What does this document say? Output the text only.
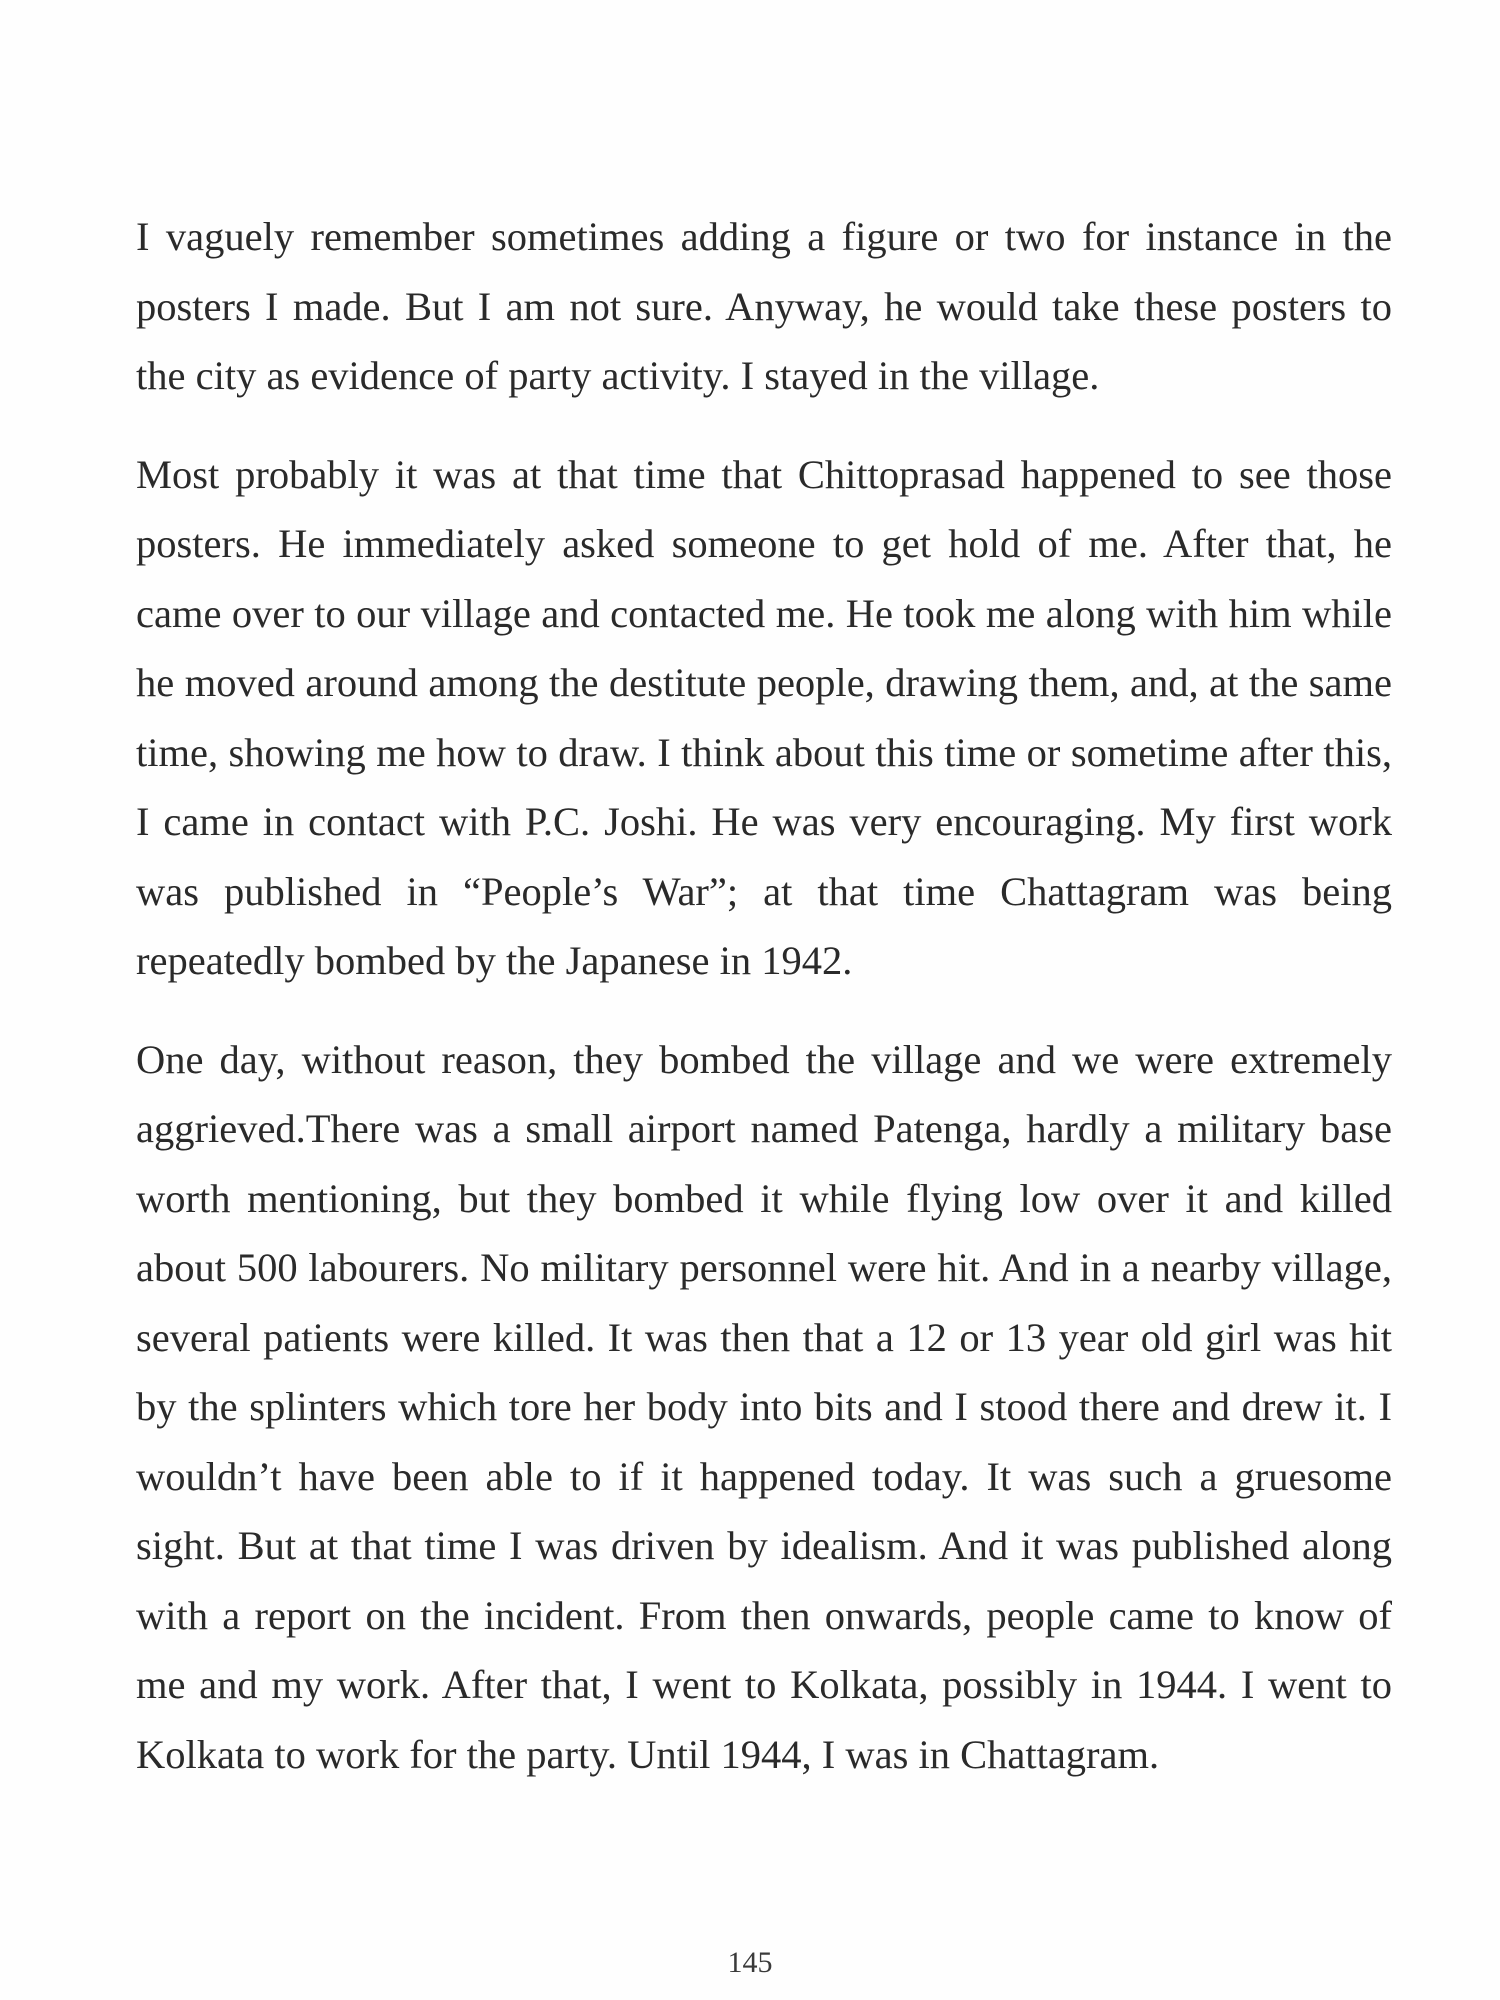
I vaguely remember sometimes adding a figure or two for instance in the posters I made. But I am not sure. Anyway, he would take these posters to the city as evidence of party activity. I stayed in the village.

Most probably it was at that time that Chittoprasad happened to see those posters. He immediately asked someone to get hold of me. After that, he came over to our village and contacted me. He took me along with him while he moved around among the destitute people, drawing them, and, at the same time, showing me how to draw. I think about this time or sometime after this, I came in contact with P.C. Joshi. He was very encouraging. My first work was published in “People’s War”; at that time Chattagram was being repeatedly bombed by the Japanese in 1942.

One day, without reason, they bombed the village and we were extremely aggrieved.There was a small airport named Patenga, hardly a military base worth mentioning, but they bombed it while flying low over it and killed about 500 labourers. No military personnel were hit. And in a nearby village, several patients were killed. It was then that a 12 or 13 year old girl was hit by the splinters which tore her body into bits and I stood there and drew it. I wouldn’t have been able to if it happened today. It was such a gruesome sight. But at that time I was driven by idealism. And it was published along with a report on the incident. From then onwards, people came to know of me and my work. After that, I went to Kolkata, possibly in 1944. I went to Kolkata to work for the party. Until 1944, I was in Chattagram.

145
